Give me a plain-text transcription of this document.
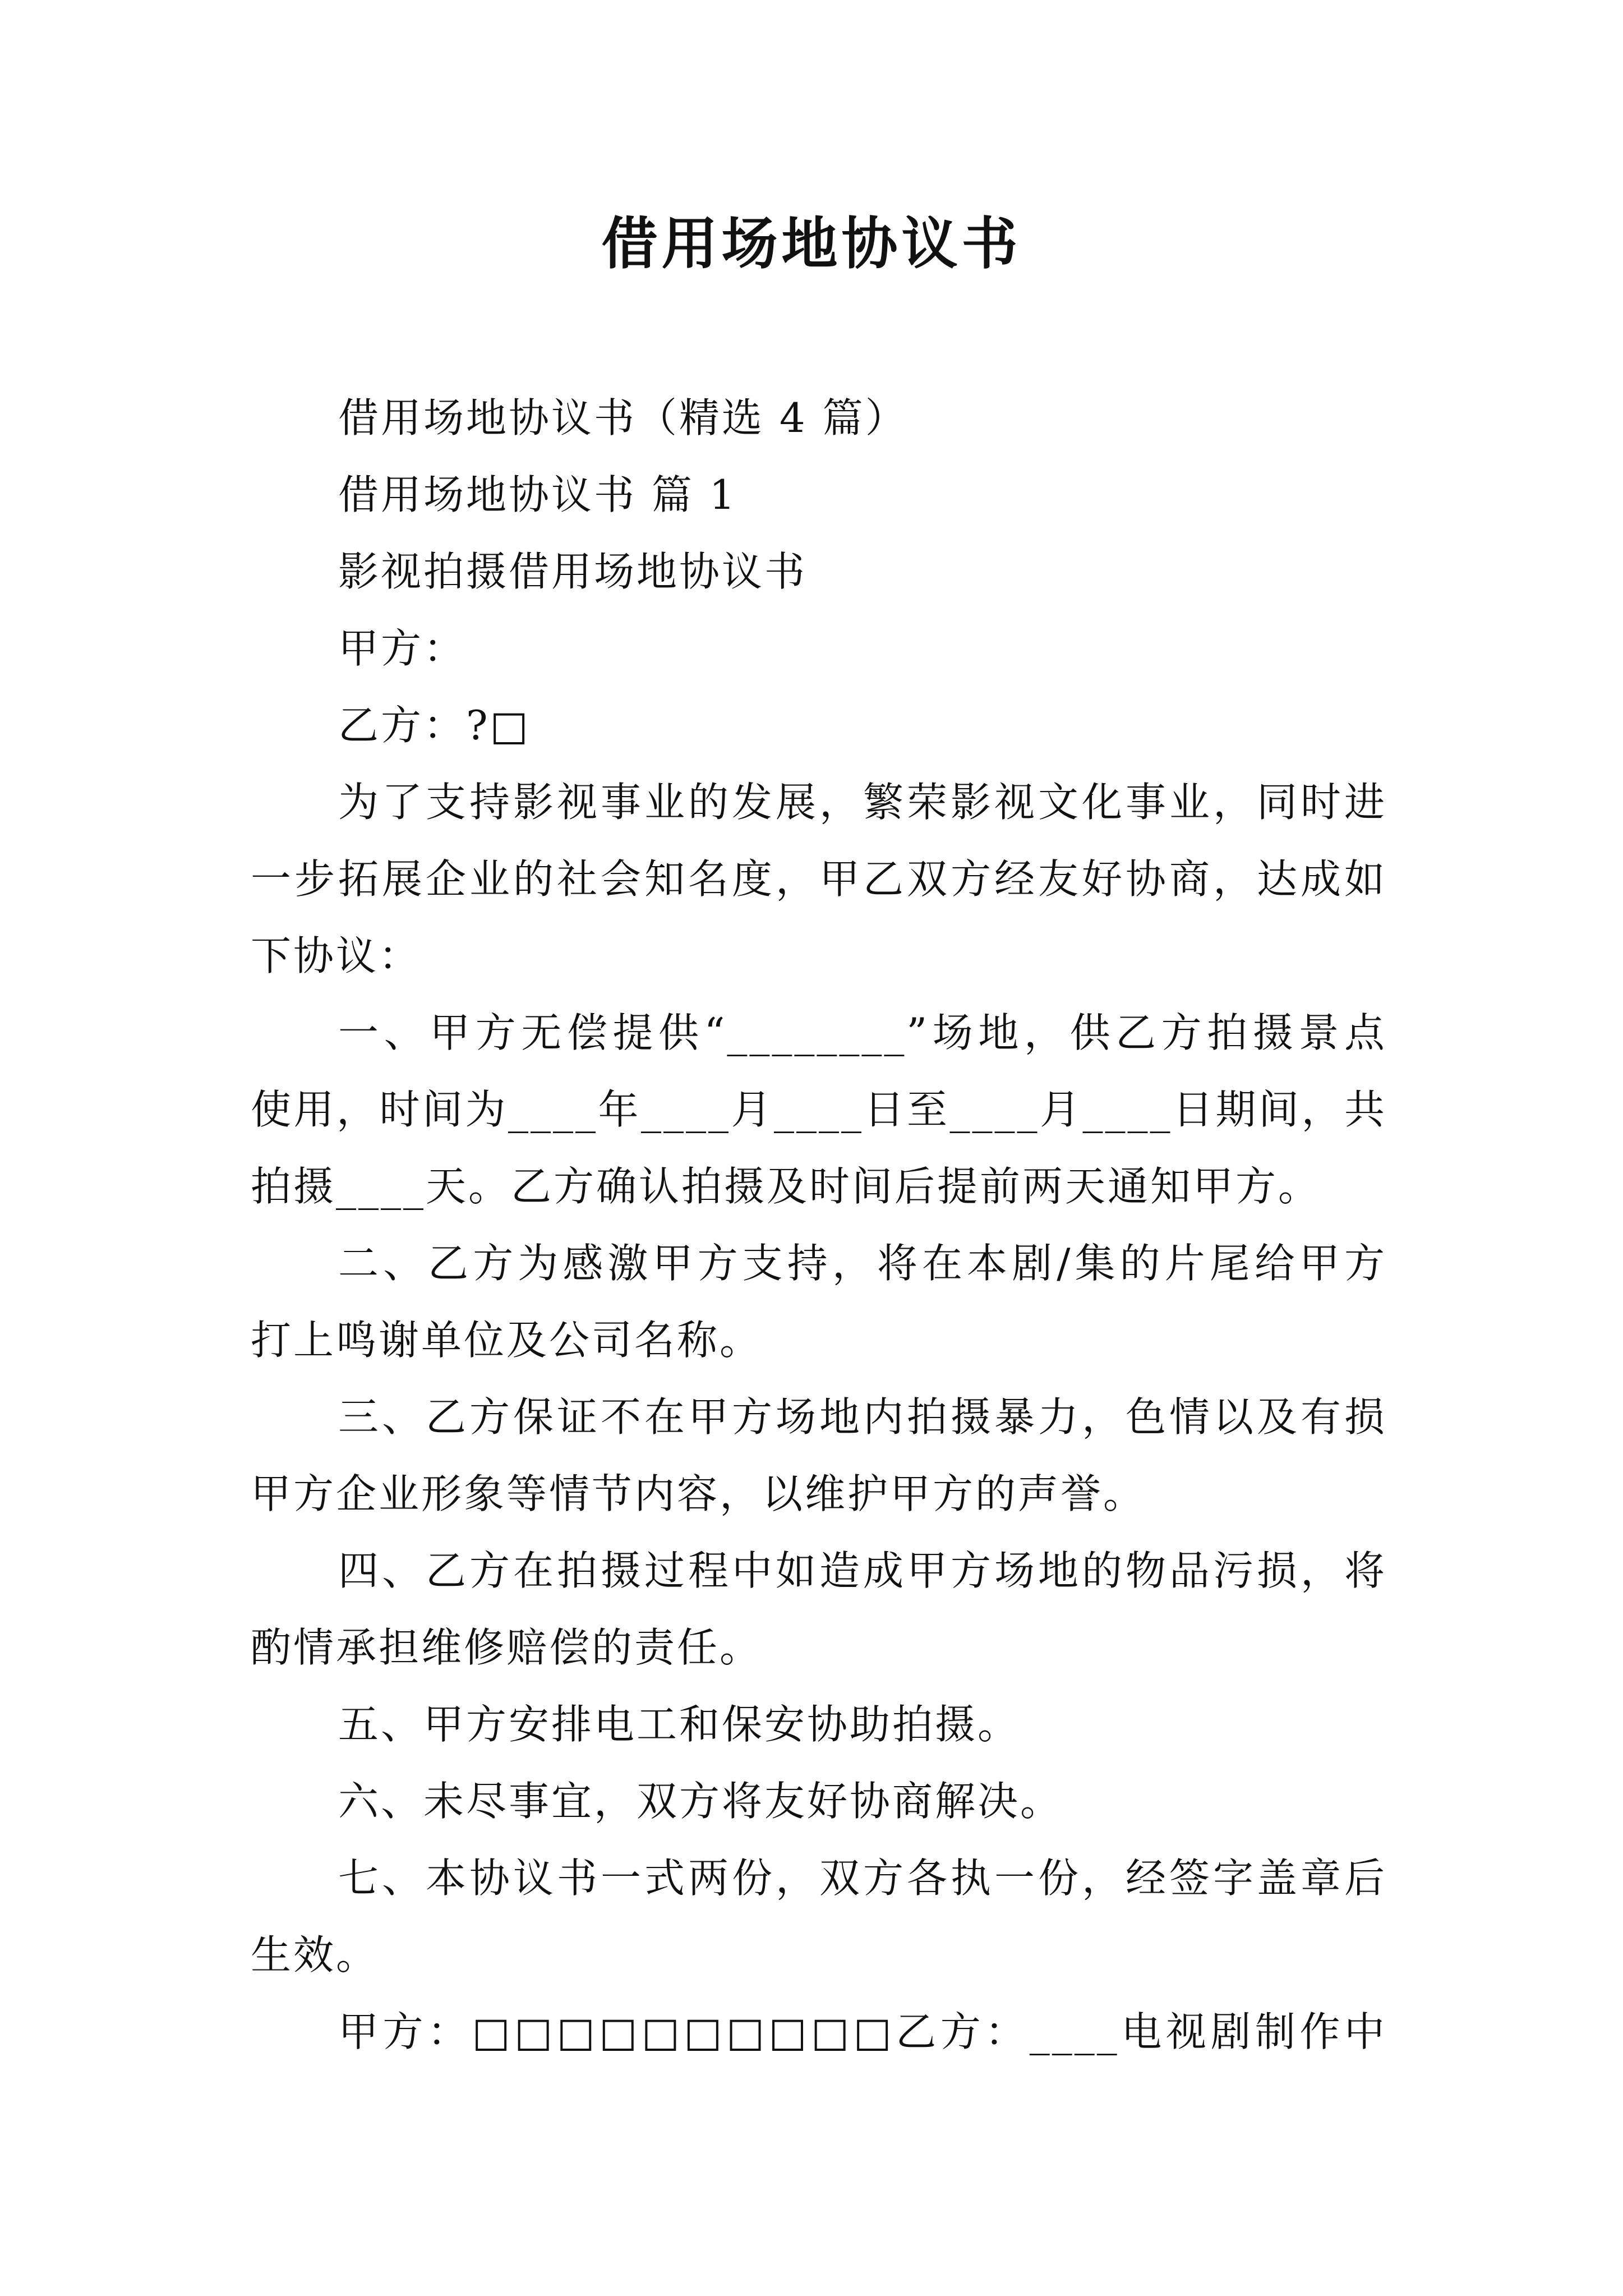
借用场地协议书
借用场地协议书（精选 4 篇）
借用场地协议书 篇 1
影视拍摄借用场地协议书
甲方：
乙方：?□
为了支持影视事业的发展，繁荣影视文化事业，同时进
一步拓展企业的社会知名度，甲乙双方经友好协商，达成如
下协议：
一、甲方无偿提供“________”场地，供乙方拍摄景点
使用，时间为____年____月____日至____月____日期间，共
拍摄____天。乙方确认拍摄及时间后提前两天通知甲方。
二、乙方为感激甲方支持，将在本剧/集的片尾给甲方
打上鸣谢单位及公司名称。
三、乙方保证不在甲方场地内拍摄暴力，色情以及有损
甲方企业形象等情节内容，以维护甲方的声誉。
四、乙方在拍摄过程中如造成甲方场地的物品污损，将
酌情承担维修赔偿的责任。
五、甲方安排电工和保安协助拍摄。
六、未尽事宜，双方将友好协商解决。
七、本协议书一式两份，双方各执一份，经签字盖章后
生效。
甲方：□□□□□□□□□□乙方：____电视剧制作中
